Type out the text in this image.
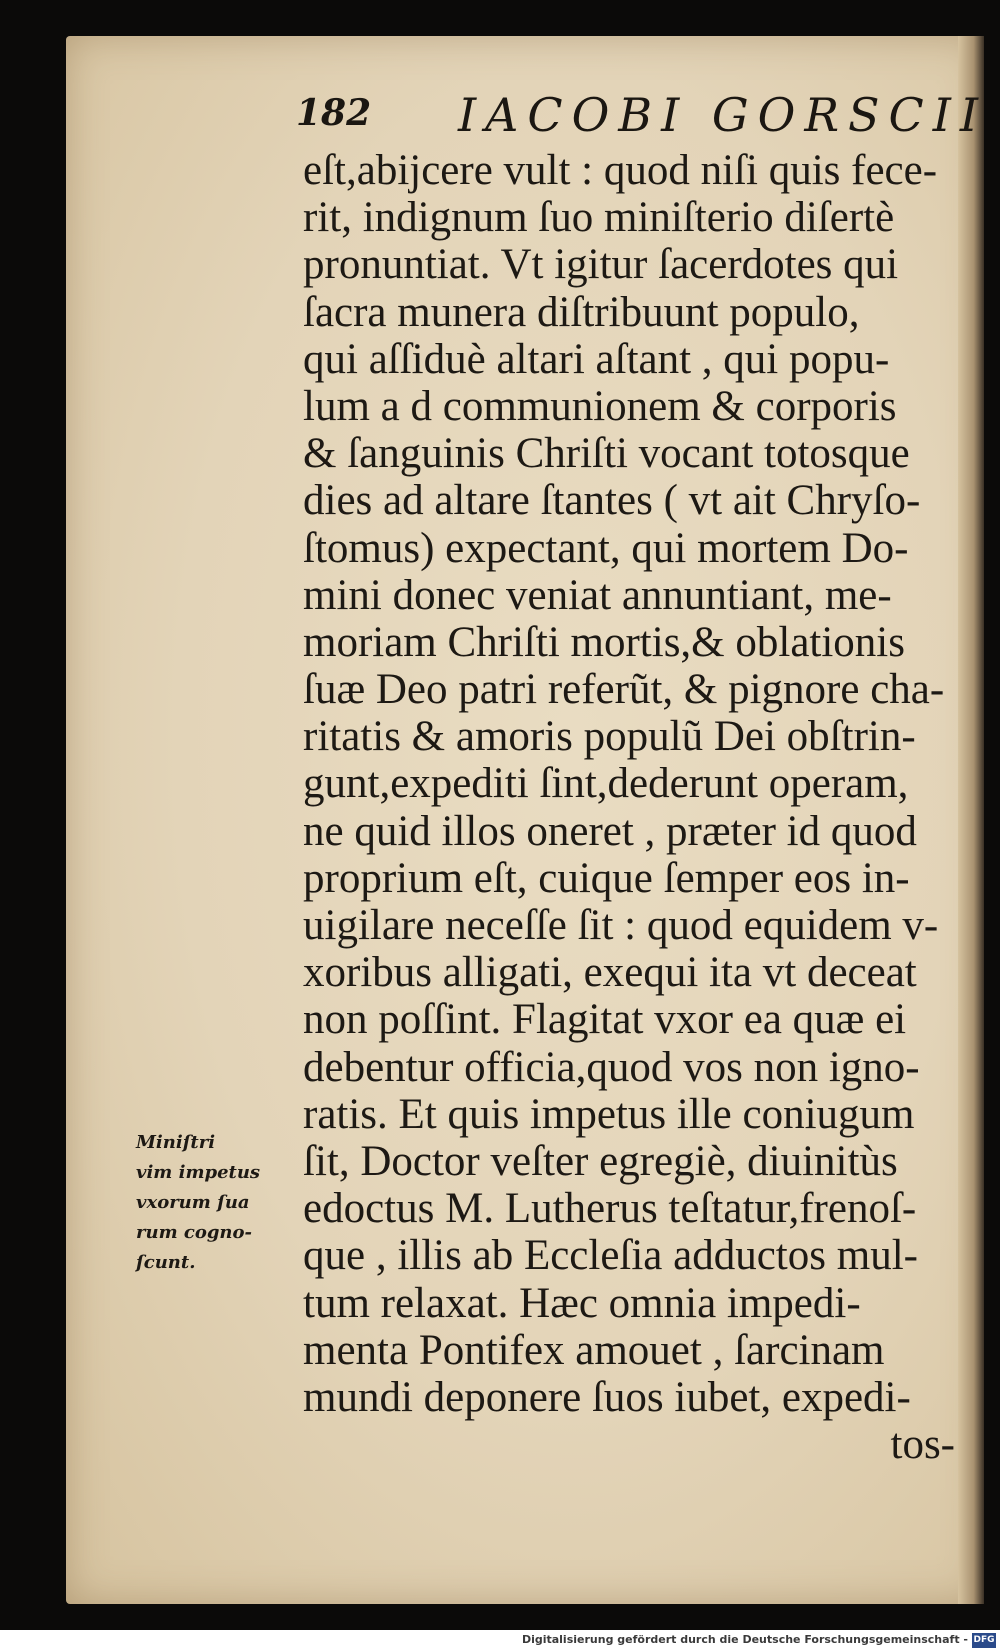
182 IACOBI GORSCII
eſt,abijcere vult : quod niſi quis fece-
rit, indignum ſuo miniſterio diſertè
pronuntiat. Vt igitur ſacerdotes qui
ſacra munera diſtribuunt populo,
qui aſſiduè altari aſtant , qui popu-
lum a d communionem & corporis
& ſanguinis Chriſti vocant totosque
dies ad altare ſtantes ( vt ait Chryſo-
ſtomus) expectant, qui mortem Do-
mini donec veniat annuntiant, me-
moriam Chriſti mortis,& oblationis
ſuæ Deo patri referũt, & pignore cha-
ritatis & amoris populũ Dei obſtrin-
gunt,expediti ſint,dederunt operam,
ne quid illos oneret , præter id quod
proprium eſt, cuique ſemper eos in-
uigilare neceſſe ſit : quod equidem v-
xoribus alligati, exequi ita vt deceat
non poſſint. Flagitat vxor ea quæ ei
debentur officia,quod vos non igno-
ratis. Et quis impetus ille coniugum
ſit, Doctor veſter egregiè, diuinitùs
edoctus M. Lutherus teſtatur,frenoſ-
que , illis ab Eccleſia adductos mul-
tum relaxat. Hæc omnia impedi-
menta Pontifex amouet , ſarcinam
mundi deponere ſuos iubet, expedi-
tos-
Miniſtri
vim impetus
vxorum ſua
rum cogno-
ſcunt.
Digitalisierung gefördert durch die Deutsche Forschungsgemeinschaft - DFG
